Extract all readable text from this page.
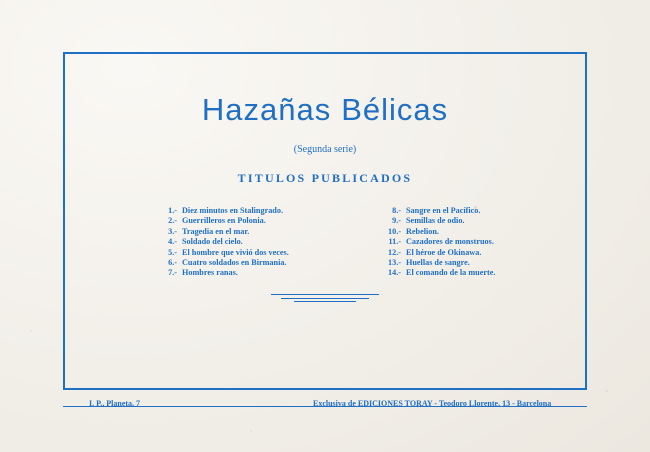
Hazañas Bélicas
(Segunda serie)
TITULOS PUBLICADOS
1.- Diez minutos en Stalingrado.
2.- Guerrilleros en Polonia.
3.- Tragedia en el mar.
4.- Soldado del cielo.
5.- El hombre que vivió dos veces.
6.- Cuatro soldados en Birmania.
7.- Hombres ranas.
8.- Sangre en el Pacífico.
9.- Semillas de odio.
10.- Rebelion.
11.- Cazadores de monstruos.
12.- El héroe de Okinawa.
13.- Huellas de sangre.
14.- El comando de la muerte.
I. P., Planeta, 7	Exclusiva de EDICIONES TORAY - Teodoro Llorente, 13 - Barcelona
